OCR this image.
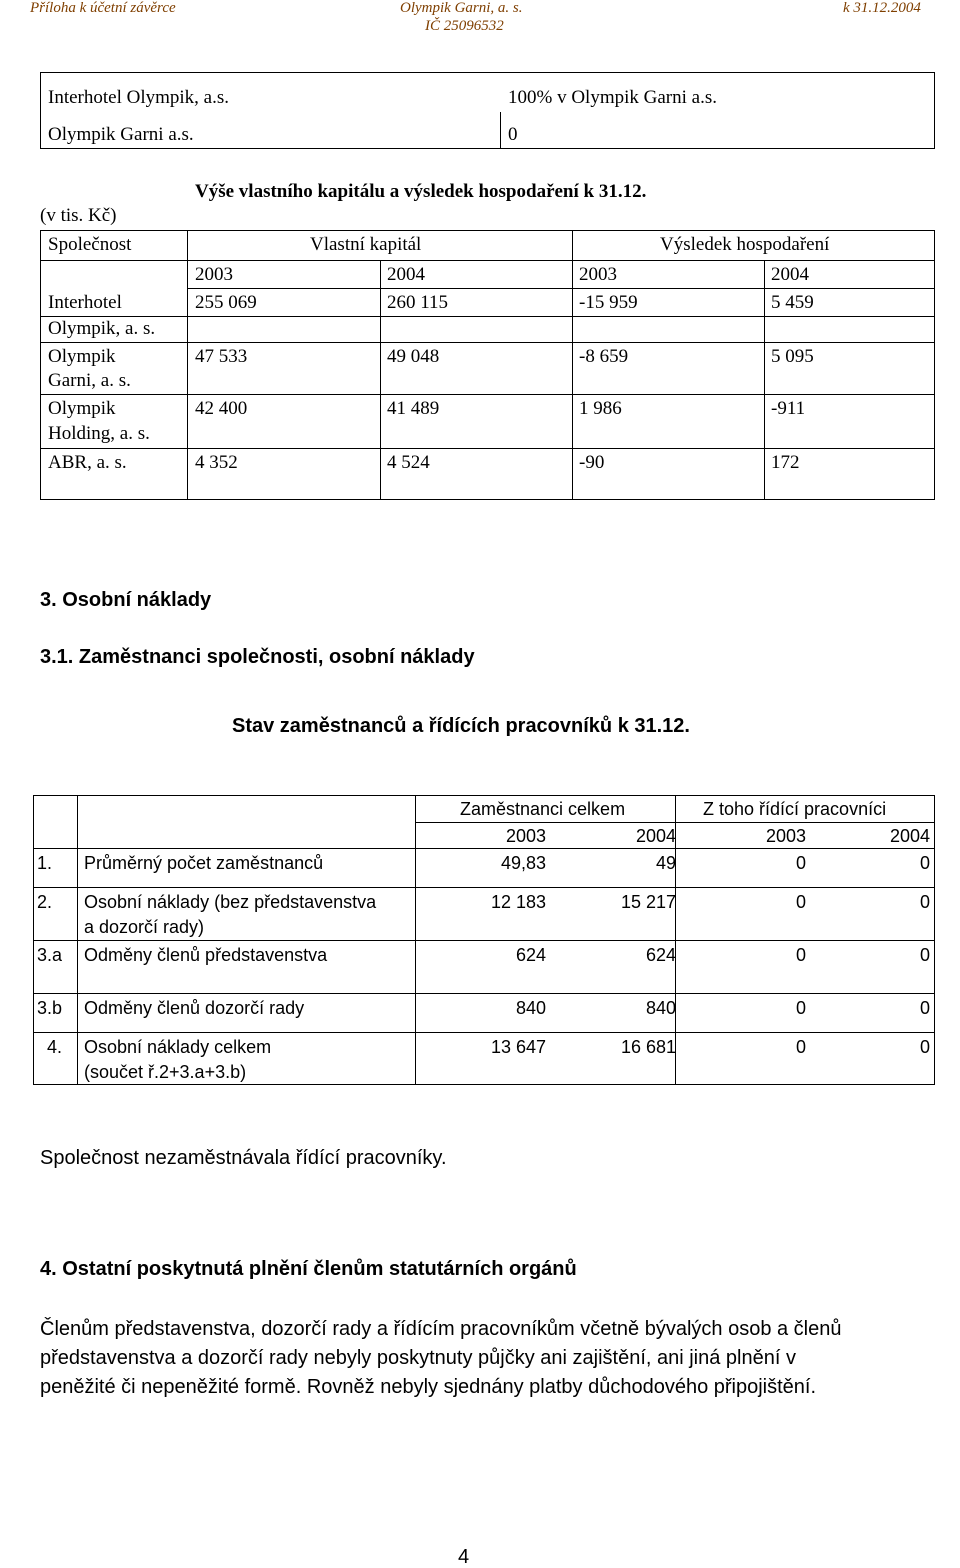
Příloha k účetní závěrce	Olympik Garni, a. s.
IČ 25096532
k 31.12.2004
Interhotel Olympik, a.s.	100% v Olympik Garni a.s.
Olympik Garni a.s.	0
Výše vlastního kapitálu a výsledek hospodaření k 31.12.
(v tis. Kč)
Společnost	Vlastní kapitál	Výsledek hospodaření
2003	2004	2003	2004
Interhotel
Olympik, a. s.
255 069	260 115	-15 959	5 459
Olympik
Garni, a. s.
47 533	49 048	-8 659	5 095
Olympik
Holding, a. s.
42 400	41 489	1 986	-911
ABR, a. s.	4 352	4 524	-90	172
3. Osobní náklady
3.1. Zaměstnanci společnosti, osobní náklady
Stav zaměstnanců a řídících pracovníků k 31.12.
Zaměstnanci celkem	Z toho řídící pracovníci
2003	2004	2003	2004
1. Průměrný počet zaměstnanců	49,83	49	0	0
2. Osobní náklady (bez představenstva
a dozorčí rady)
12 183	15 217	0	0
3.a Odměny členů představenstva	624	624	0	0
3.b Odměny členů dozorčí rady	840	840	0	0
4. Osobní náklady celkem
(součet ř.2+3.a+3.b)
13 647	16 681	0	0
Společnost nezaměstnávala řídící pracovníky.
4. Ostatní poskytnutá plnění členům statutárních orgánů

Členům představenstva, dozorčí rady a řídícím pracovníkům včetně bývalých osob a členů

představenstva a dozorčí rady nebyly poskytnuty půjčky ani zajištění, ani jiná plnění v

peněžité či nepeněžité formě. Rovněž nebyly sjednány platby důchodového připojištění.

4
